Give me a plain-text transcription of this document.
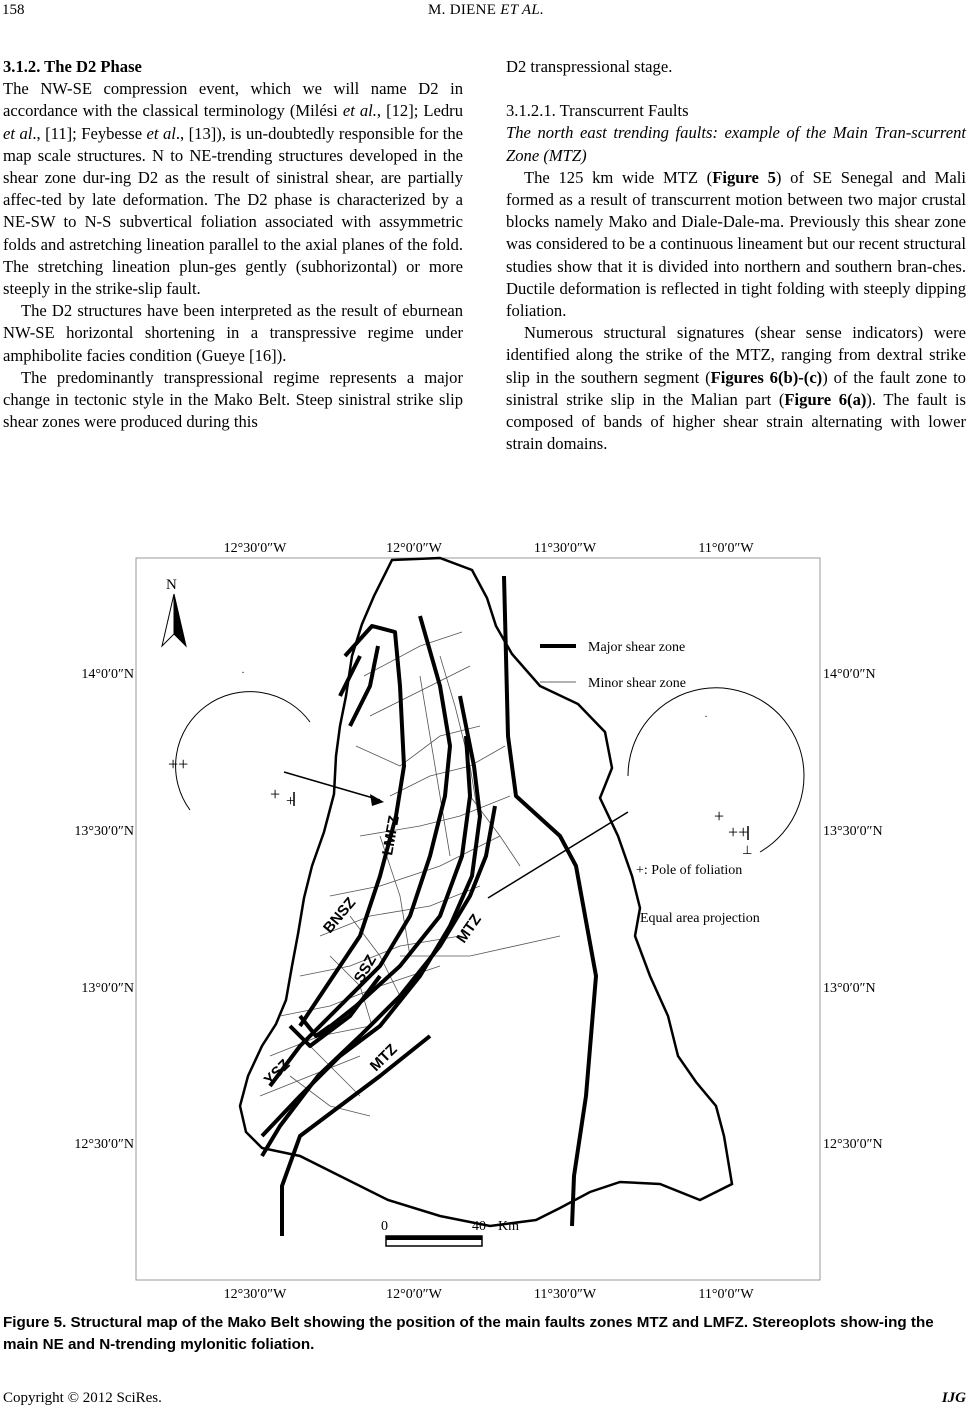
158	M. DIENE ET AL.

3.1.2. The D2 Phase

The NW-SE compression event, which we will name D2 in accordance with the classical terminology (Milési et al., [12]; Ledru et al., [11]; Feybesse et al., [13]), is un-doubtedly responsible for the map scale structures. N to NE-trending structures developed in the shear zone dur-ing D2 as the result of sinistral shear, are partially affec-ted by late deformation. The D2 phase is characterized by a NE-SW to N-S subvertical foliation associated with assymmetric folds and astretching lineation parallel to the axial planes of the fold. The stretching lineation plun-ges gently (subhorizontal) or more steeply in the strike-slip fault.

The D2 structures have been interpreted as the result of eburnean NW-SE horizontal shortening in a transpressive regime under amphibolite facies condition (Gueye [16]).

The predominantly transpressional regime represents a major change in tectonic style in the Mako Belt. Steep sinistral strike slip shear zones were produced during this

D2 transpressional stage.

3.1.2.1. Transcurrent Faults

The north east trending faults: example of the Main Tran-scurrent Zone (MTZ)

The 125 km wide MTZ (Figure 5) of SE Senegal and Mali formed as a result of transcurrent motion between two major crustal blocks namely Mako and Diale-Dale-ma. Previously this shear zone was considered to be a continuous lineament but our recent structural studies show that it is divided into northern and southern bran-ches. Ductile deformation is reflected in tight folding with steeply dipping foliation.

Numerous structural signatures (shear sense indicators) were identified along the strike of the MTZ, ranging from dextral strike slip in the southern segment (Figures 6(b)-(c)) of the fault zone to sinistral strike slip in the Malian part (Figure 6(a)). The fault is composed of bands of higher shear strain alternating with lower strain domains.

12°30′0″W	12°0′0″W	11°30′0″W	11°0′0″W
12°30′0″W	12°0′0″W	11°30′0″W	11°0′0″W
14°0′0″N
13°30′0″N
13°0′0″N
12°30′0″N
14°0′0″N
13°30′0″N
13°0′0″N
12°30′0″N
N
LMFZ
BNSZ
SSZ
MTZ
YSZ	MTZ
Major shear zone
Minor shear zone
·
++
+ +
·
+
++
⊥
+: Pole of foliation
Equal area projection
0	40 Km
Figure 5. Structural map of the Mako Belt showing the position of the main faults zones MTZ and LMFZ. Stereoplots show-ing the main NE and N-trending mylonitic foliation.
Copyright © 2012 SciRes.	IJG
